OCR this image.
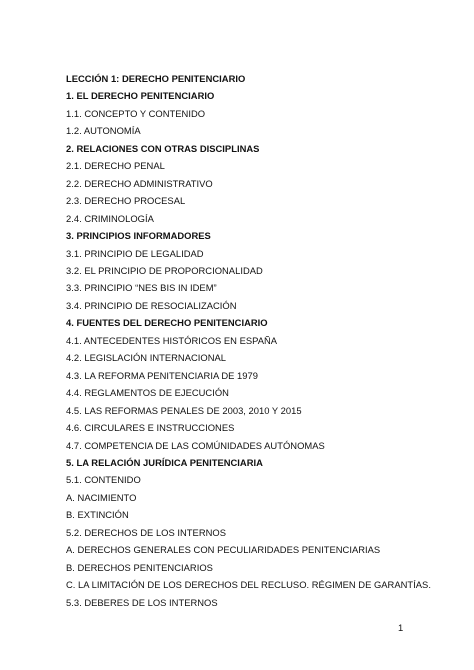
LECCIÓN 1: DERECHO PENITENCIARIO
1. EL DERECHO PENITENCIARIO
1.1. CONCEPTO Y CONTENIDO
1.2. AUTONOMÍA
2. RELACIONES CON OTRAS DISCIPLINAS
2.1. DERECHO PENAL
2.2. DERECHO ADMINISTRATIVO
2.3. DERECHO PROCESAL
2.4. CRIMINOLOGÍA
3. PRINCIPIOS INFORMADORES
3.1. PRINCIPIO DE LEGALIDAD
3.2. EL PRINCIPIO DE PROPORCIONALIDAD
3.3. PRINCIPIO “NES BIS IN IDEM”
3.4. PRINCIPIO DE RESOCIALIZACIÓN
4. FUENTES DEL DERECHO PENITENCIARIO
4.1. ANTECEDENTES HISTÓRICOS EN ESPAÑA
4.2. LEGISLACIÓN INTERNACIONAL
4.3. LA REFORMA PENITENCIARIA DE 1979
4.4. REGLAMENTOS DE EJECUCIÓN
4.5. LAS REFORMAS PENALES DE 2003, 2010 Y 2015
4.6. CIRCULARES E INSTRUCCIONES
4.7. COMPETENCIA DE LAS COMÚNIDADES AUTÓNOMAS
5. LA RELACIÓN JURÍDICA PENITENCIARIA
5.1. CONTENIDO
A. NACIMIENTO
B. EXTINCIÓN
5.2. DERECHOS DE LOS INTERNOS
A. DERECHOS GENERALES CON PECULIARIDADES PENITENCIARIAS
B. DERECHOS PENITENCIARIOS
C. LA LIMITACIÓN DE LOS DERECHOS DEL RECLUSO. RÉGIMEN DE GARANTÍAS.
5.3. DEBERES DE LOS INTERNOS
1
